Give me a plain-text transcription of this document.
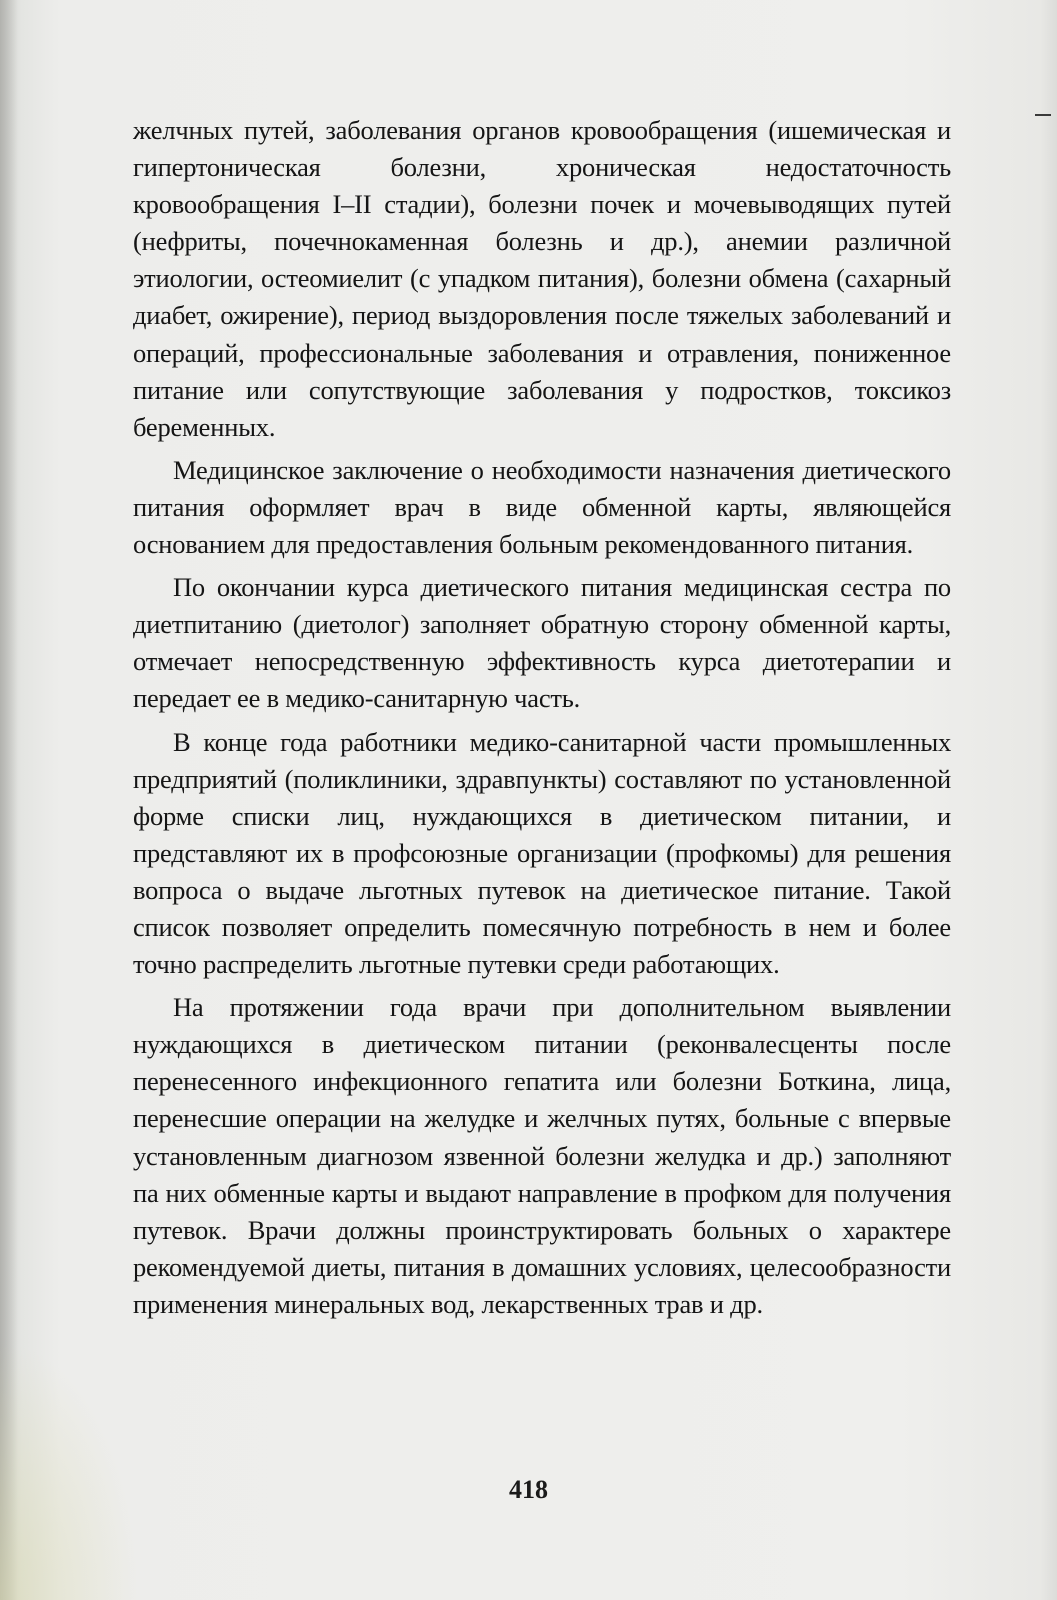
желчных путей, заболевания органов кровообращения (ишемическая и гипертоническая болезни, хроническая недостаточность кровообращения I–II стадии), болезни почек и мочевыводящих путей (нефриты, почечнокаменная болезнь и др.), анемии различной этиологии, остеомиелит (с упадком питания), болезни обмена (сахарный диабет, ожирение), период выздоровления после тяжелых заболеваний и операций, профессиональные заболевания и отравления, пониженное питание или сопутствующие заболевания у подростков, токсикоз беременных.

Медицинское заключение о необходимости назначения диетического питания оформляет врач в виде обменной карты, являющейся основанием для предоставления больным рекомендованного питания.

По окончании курса диетического питания медицинская сестра по диетпитанию (диетолог) заполняет обратную сторону обменной карты, отмечает непосредственную эффективность курса диетотерапии и передает ее в медико-санитарную часть.

В конце года работники медико-санитарной части промышленных предприятий (поликлиники, здравпункты) составляют по установленной форме списки лиц, нуждающихся в диетическом питании, и представляют их в профсоюзные организации (профкомы) для решения вопроса о выдаче льготных путевок на диетическое питание. Такой список позволяет определить помесячную потребность в нем и более точно распределить льготные путевки среди работающих.

На протяжении года врачи при дополнительном выявлении нуждающихся в диетическом питании (реконвалесценты после перенесенного инфекционного гепатита или болезни Боткина, лица, перенесшие операции на желудке и желчных путях, больные с впервые установленным диагнозом язвенной болезни желудка и др.) заполняют па них обменные карты и выдают направление в профком для получения путевок. Врачи должны проинструктировать больных о характере рекомендуемой диеты, питания в домашних условиях, целесообразности применения минеральных вод, лекарственных трав и др.

418
